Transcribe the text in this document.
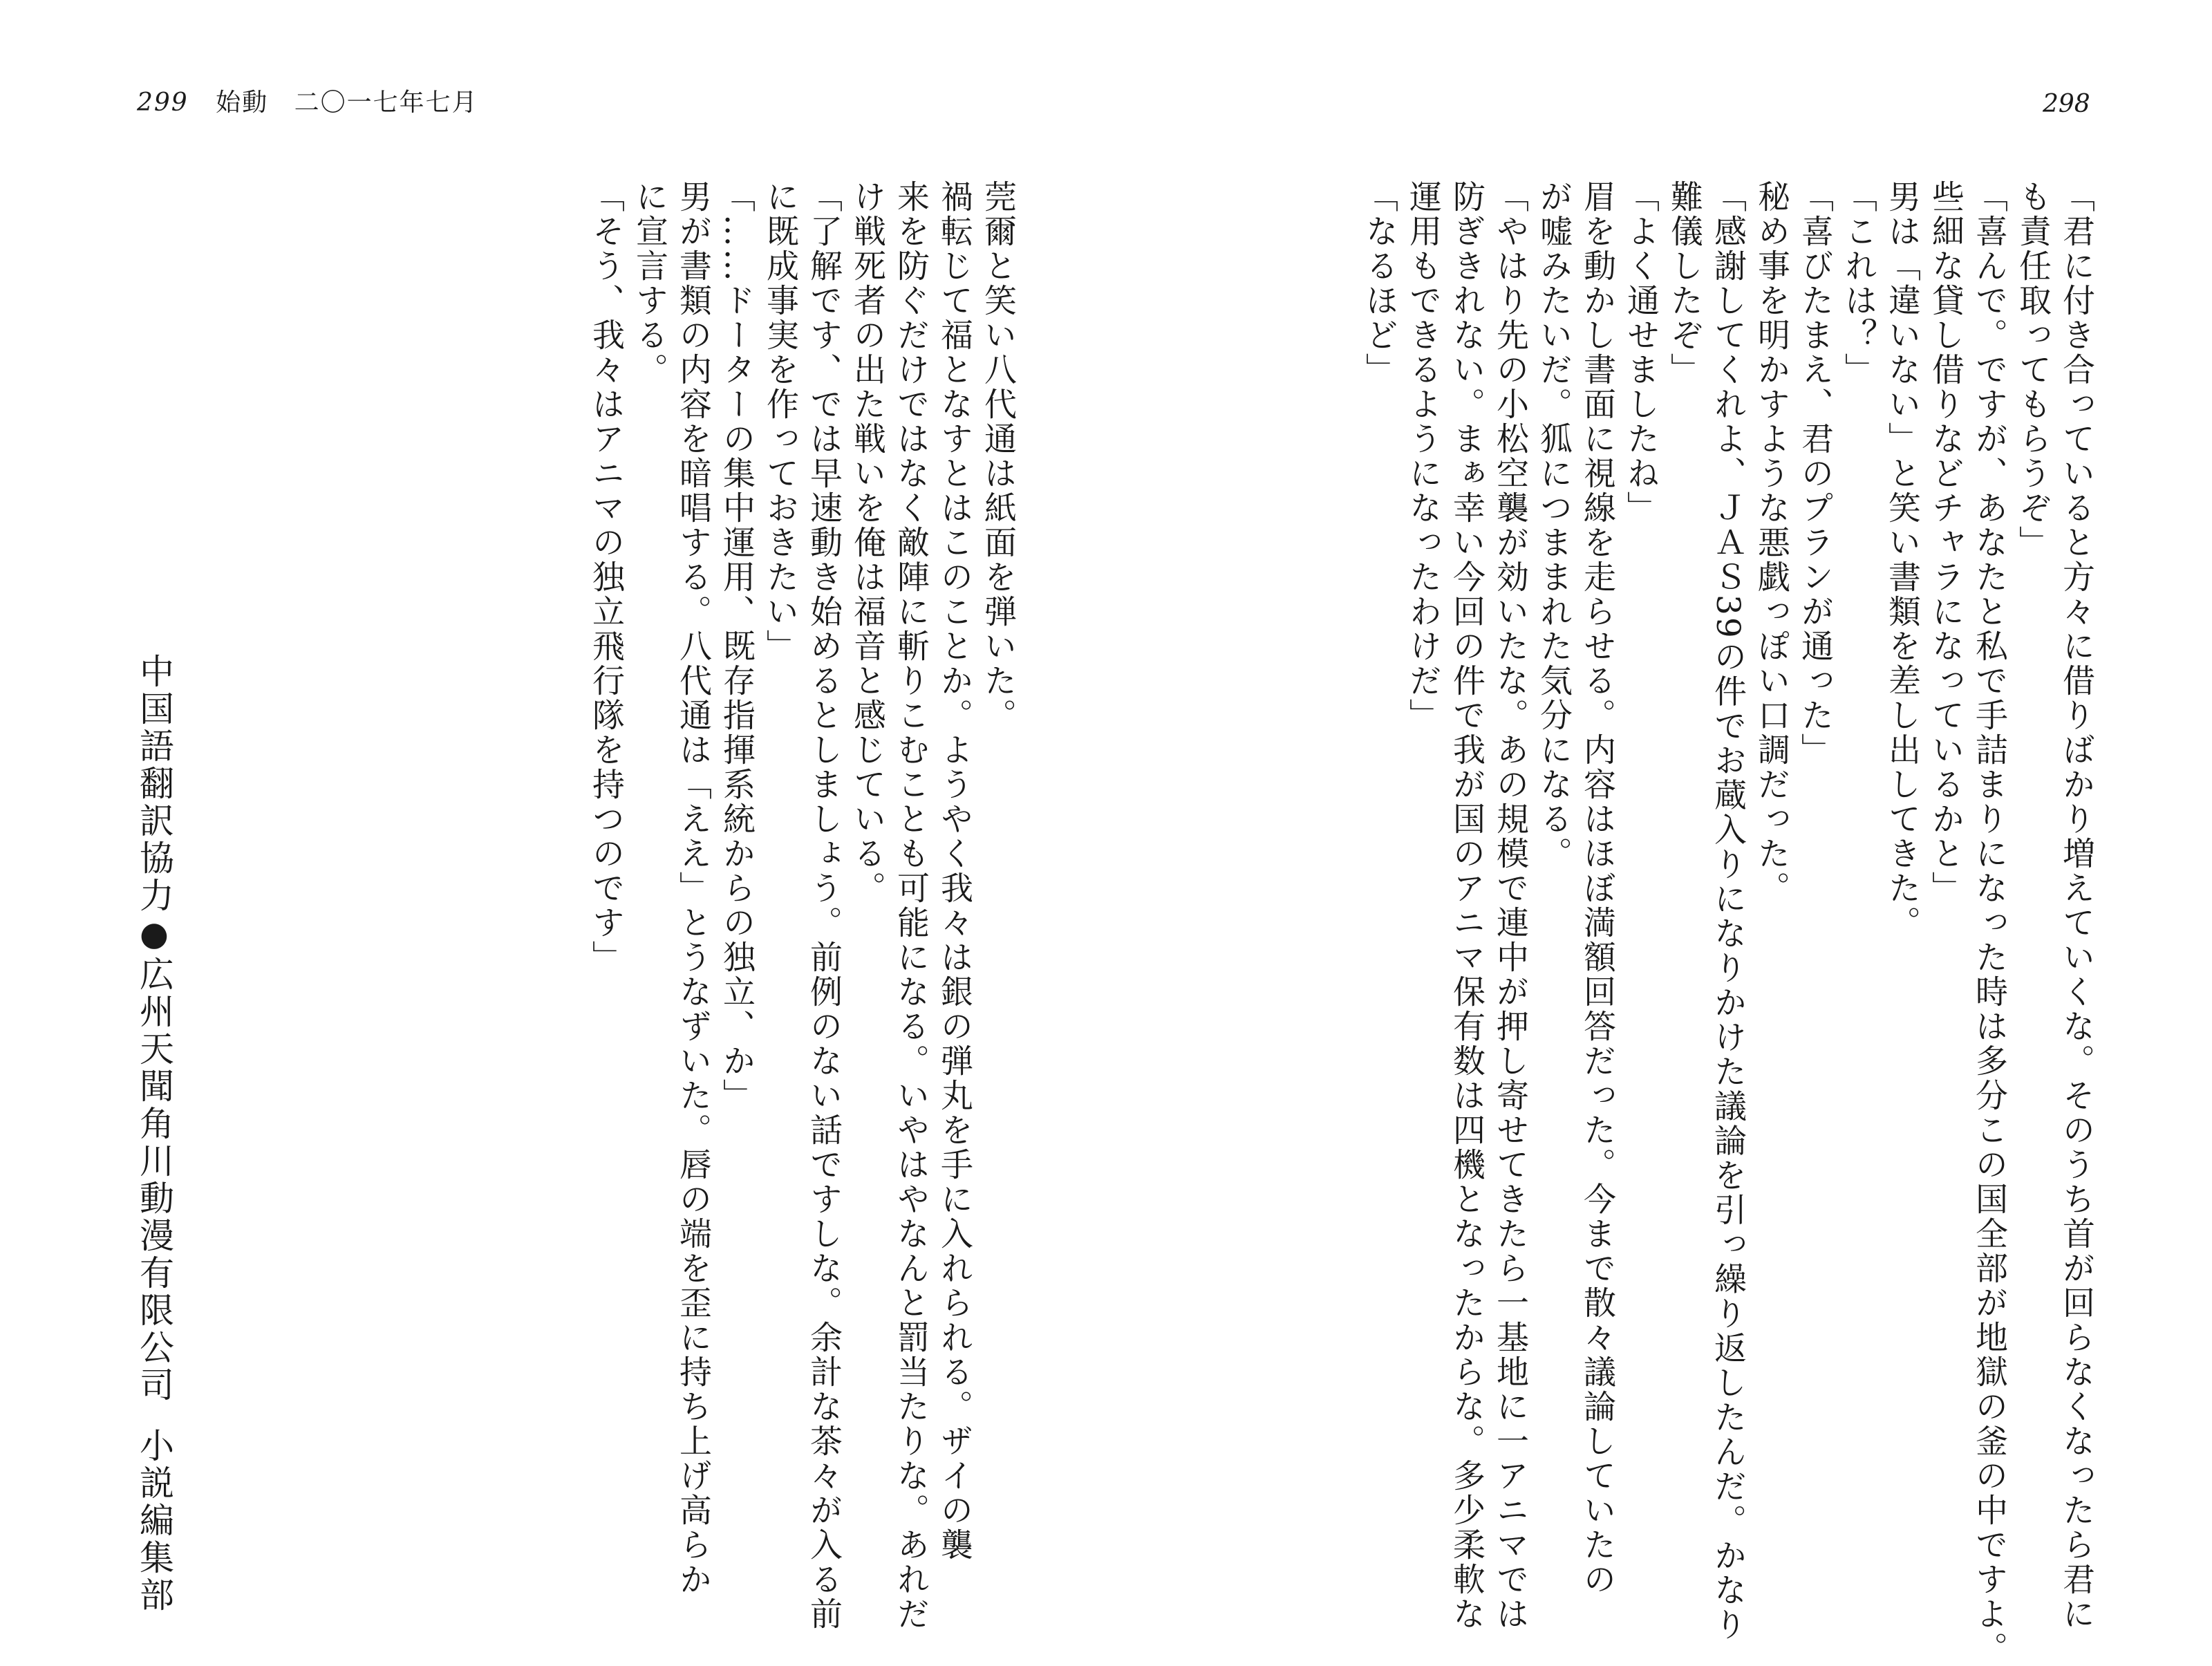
299 始動 二〇一七年七月	298
「君に付き合っていると方々に借りばかり増えていくな。そのうち首が回らなくなったら君に
も責任取ってもらうぞ」
「喜んで。ですが、あなたと私で手詰まりになった時は多分この国全部が地獄の釜の中ですよ。
些細な貸し借りなどチャラになっているかと」
男は「違いない」と笑い書類を差し出してきた。
「これは？」
「喜びたまえ、君のプランが通った」
秘め事を明かすような悪戯っぽい口調だった。
「感謝してくれよ、ＪＡＳ39の件でお蔵入りになりかけた議論を引っ繰り返したんだ。かなり
難儀したぞ」
「よく通せましたね」
眉を動かし書面に視線を走らせる。内容はほぼ満額回答だった。今まで散々議論していたの
が嘘みたいだ。狐につままれた気分になる。
「やはり先の小松空襲が効いたな。あの規模で連中が押し寄せてきたら一基地に一アニマでは
防ぎきれない。まぁ幸い今回の件で我が国のアニマ保有数は四機となったからな。多少柔軟な
運用もできるようになったわけだ」
「なるほど」
莞爾と笑い八代通は紙面を弾いた。
禍転じて福となすとはこのことか。ようやく我々は銀の弾丸を手に入れられる。ザイの襲
来を防ぐだけではなく敵陣に斬りこむことも可能になる。いやはやなんと罰当たりな。あれだ
け戦死者の出た戦いを俺は福音と感じている。
「了解です、では早速動き始めるとしましょう。前例のない話ですしな。余計な茶々が入る前
に既成事実を作っておきたい」
「……ドーターの集中運用、既存指揮系統からの独立、か」
男が書類の内容を暗唱する。八代通は「ええ」とうなずいた。唇の端を歪に持ち上げ高らか
に宣言する。
「そう、我々はアニマの独立飛行隊を持つのです」
中国語翻訳協力●広州天聞角川動漫有限公司小説編集部
